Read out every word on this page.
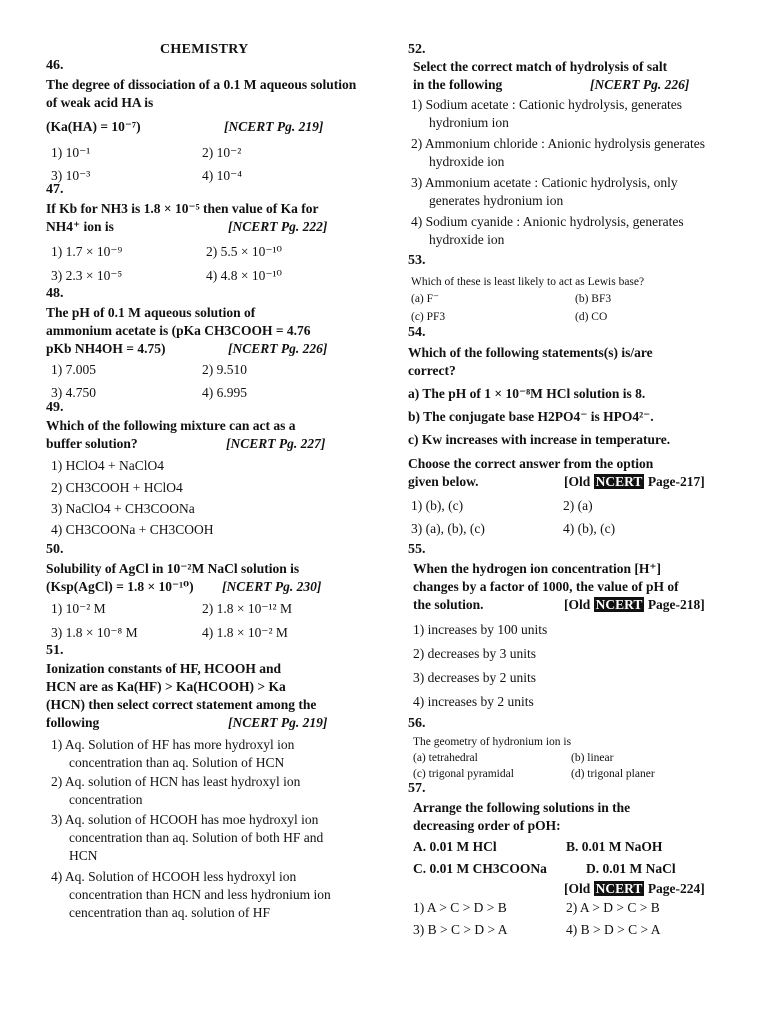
CHEMISTRY
46.
The degree of dissociation of a 0.1 M aqueous solution of weak acid HA is
(Ka(HA) = 10⁻⁷)	[NCERT Pg. 219]
1) 10⁻¹	2) 10⁻²
3) 10⁻³	4) 10⁻⁴
47.
If Kb for NH3 is 1.8 × 10⁻⁵ then value of Ka for
NH4⁺ ion is	[NCERT Pg. 222]
1) 1.7 × 10⁻⁹	2) 5.5 × 10⁻¹⁰
3) 2.3 × 10⁻⁵	4) 4.8 × 10⁻¹⁰
48.
The pH of 0.1 M aqueous solution of
ammonium acetate is (pKa CH3COOH = 4.76
pKb NH4OH = 4.75)	[NCERT Pg. 226]
1) 7.005	2) 9.510
3) 4.750	4) 6.995
49.
Which of the following mixture can act as a
buffer solution?	[NCERT Pg. 227]
1) HClO4 + NaClO4
2) CH3COOH + HClO4
3) NaClO4 + CH3COONa
4) CH3COONa + CH3COOH
50.
Solubility of AgCl in 10⁻²M NaCl solution is
(Ksp(AgCl) = 1.8 × 10⁻¹⁰)	[NCERT Pg. 230]
1) 10⁻² M	2) 1.8 × 10⁻¹² M
3) 1.8 × 10⁻⁸ M	4) 1.8 × 10⁻² M
51.
Ionization constants of HF, HCOOH and
HCN are as Ka(HF) > Ka(HCOOH) > Ka
(HCN) then select correct statement among the
following	[NCERT Pg. 219]
1) Aq. Solution of HF has more hydroxyl ion concentration than aq. Solution of HCN
2) Aq. solution of HCN has least hydroxyl ion concentration
3) Aq. solution of HCOOH has moe hydroxyl ion concentration than aq. Solution of both HF and HCN
4) Aq. Solution of HCOOH less hydroxyl ion concentration than HCN and less hydronium ion cencentration than aq. solution of HF
52.
Select the correct match of hydrolysis of salt
in the following	[NCERT Pg. 226]
1) Sodium acetate : Cationic hydrolysis, generates hydronium ion
2) Ammonium chloride : Anionic hydrolysis generates hydroxide ion
3) Ammonium acetate : Cationic hydrolysis, only generates hydronium ion
4) Sodium cyanide : Anionic hydrolysis, generates hydroxide ion
53.
Which of these is least likely to act as Lewis base?
(a) F⁻	(b) BF3
(c) PF3	(d) CO
54.
Which of the following statements(s) is/are
correct?
a) The pH of 1 × 10⁻⁸M HCl solution is 8.
b) The conjugate base H2PO4⁻ is HPO4²⁻.
c) Kw increases with increase in temperature.
Choose the correct answer from the option
given below.	[Old NCERT Page-217]
1) (b), (c)	2) (a)
3) (a), (b), (c)	4) (b), (c)
55.
When the hydrogen ion concentration [H⁺]
changes by a factor of 1000, the value of pH of
the solution.	[Old NCERT Page-218]
1) increases by 100 units
2) decreases by 3 units
3) decreases by 2 units
4) increases by 2 units
56.
The geometry of hydronium ion is
(a) tetrahedral	(b) linear
(c) trigonal pyramidal	(d) trigonal planer
57.
Arrange the following solutions in the
decreasing order of pOH:
A. 0.01 M HCl	B. 0.01 M NaOH
C. 0.01 M CH3COONa	D. 0.01 M NaCl
[Old NCERT Page-224]
1) A > C > D > B	2) A > D > C > B
3) B > C > D > A	4) B > D > C > A
